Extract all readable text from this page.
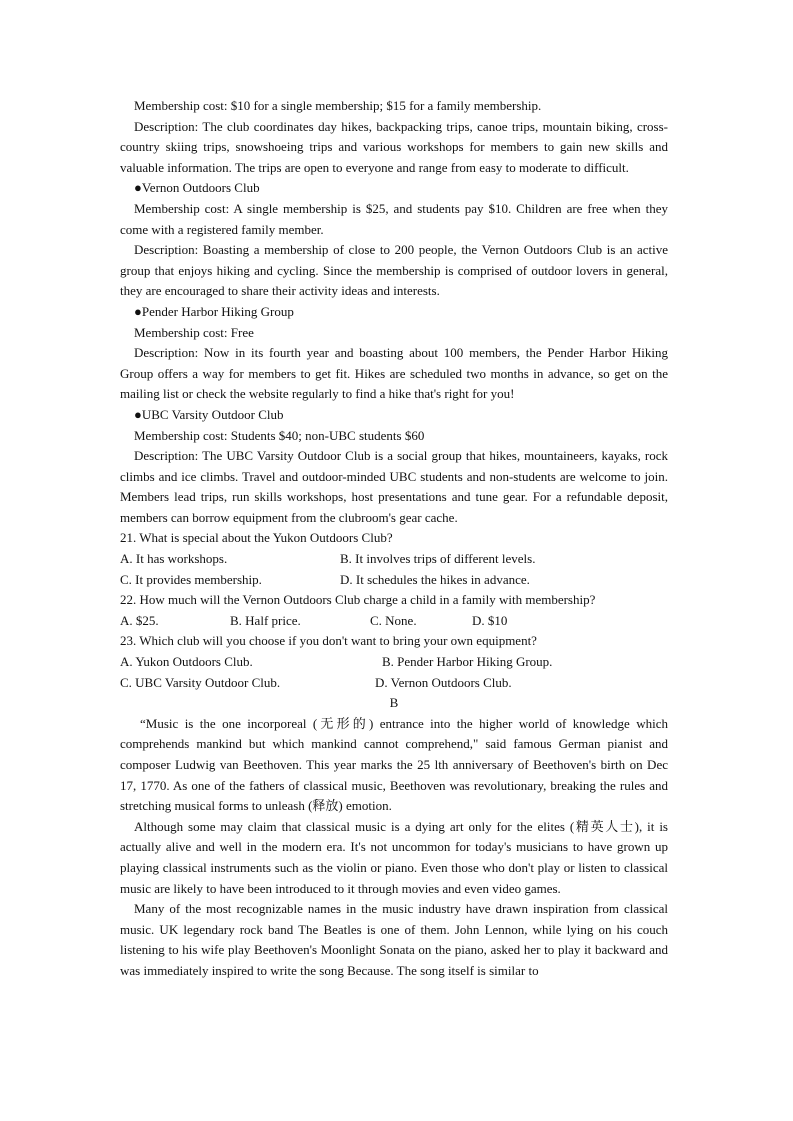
Membership cost: $10 for a single membership; $15 for a family membership.

Description: The club coordinates day hikes, backpacking trips, canoe trips, mountain biking, cross-country skiing trips, snowshoeing trips and various workshops for members to gain new skills and valuable information. The trips are open to everyone and range from easy to moderate to difficult.

●Vernon Outdoors Club

Membership cost: A single membership is $25, and students pay $10. Children are free when they come with a registered family member.

Description: Boasting a membership of close to 200 people, the Vernon Outdoors Club is an active group that enjoys hiking and cycling. Since the membership is comprised of outdoor lovers in general, they are encouraged to share their activity ideas and interests.

●Pender Harbor Hiking Group

Membership cost: Free

Description: Now in its fourth year and boasting about 100 members, the Pender Harbor Hiking Group offers a way for members to get fit. Hikes are scheduled two months in advance, so get on the mailing list or check the website regularly to find a hike that's right for you!

●UBC Varsity Outdoor Club

Membership cost: Students $40; non-UBC students $60

Description: The UBC Varsity Outdoor Club is a social group that hikes, mountaineers, kayaks, rock climbs and ice climbs. Travel and outdoor-minded UBC students and non-students are welcome to join. Members lead trips, run skills workshops, host presentations and tune gear. For a refundable deposit, members can borrow equipment from the clubroom's gear cache.

21. What is special about the Yukon Outdoors Club?

A. It has workshops.	B. It involves trips of different levels.
C. It provides membership.	D. It schedules the hikes in advance.

22. How much will the Vernon Outdoors Club charge a child in a family with membership?

A. $25.	B. Half price.	C. None.	D. $10

23. Which club will you choose if you don't want to bring your own equipment?

A. Yukon Outdoors Club.	B. Pender Harbor Hiking Group.
C. UBC Varsity Outdoor Club.	D. Vernon Outdoors Club.

B

“Music is the one incorporeal (无形的) entrance into the higher world of knowledge which comprehends mankind but which mankind cannot comprehend," said famous German pianist and composer Ludwig van Beethoven. This year marks the 25 lth anniversary of Beethoven's birth on Dec 17, 1770. As one of the fathers of classical music, Beethoven was revolutionary, breaking the rules and stretching musical forms to unleash (释放) emotion.

Although some may claim that classical music is a dying art only for the elites (精英人士), it is actually alive and well in the modern era. It's not uncommon for today's musicians to have grown up playing classical instruments such as the violin or piano. Even those who don't play or listen to classical music are likely to have been introduced to it through movies and even video games.

Many of the most recognizable names in the music industry have drawn inspiration from classical music. UK legendary rock band The Beatles is one of them. John Lennon, while lying on his couch listening to his wife play Beethoven's Moonlight Sonata on the piano, asked her to play it backward and was immediately inspired to write the song Because. The song itself is similar to
